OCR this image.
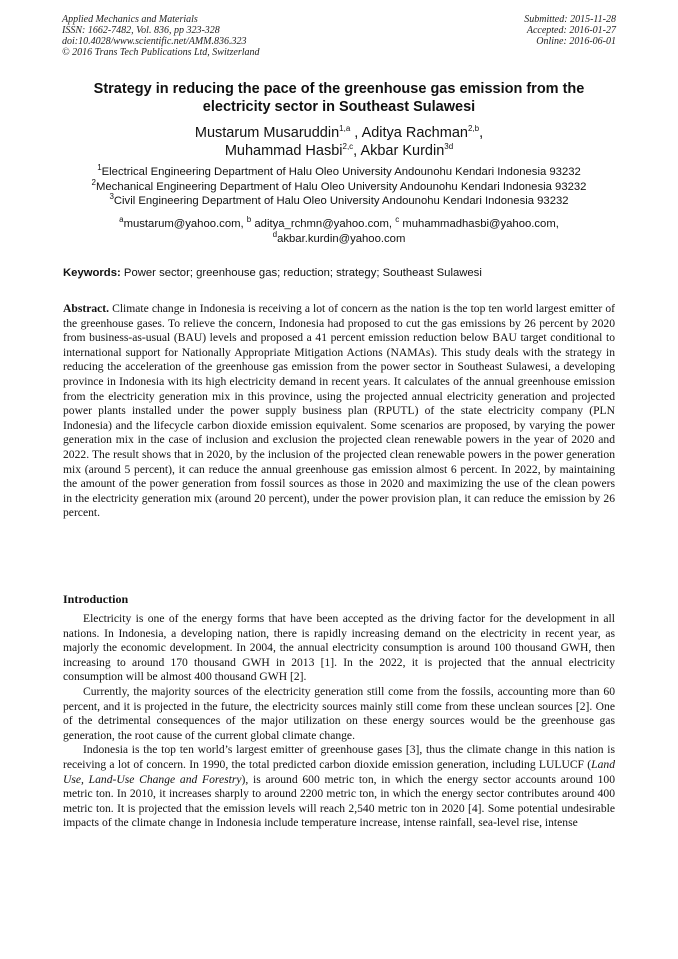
Applied Mechanics and Materials
ISSN: 1662-7482, Vol. 836, pp 323-328
doi:10.4028/www.scientific.net/AMM.836.323
© 2016 Trans Tech Publications Ltd, Switzerland
Submitted: 2015-11-28
Accepted: 2016-01-27
Online: 2016-06-01
Strategy in reducing the pace of the greenhouse gas emission from the
electricity sector in Southeast Sulawesi
Mustarum Musaruddin$^{1,a}$ , Aditya Rachman$^{2,b}$,
Muhammad Hasbi$^{2,c}$, Akbar Kurdin$^{3d}$
$^1$Electrical Engineering Department of Halu Oleo University Andounohu Kendari Indonesia 93232
$^2$Mechanical Engineering Department of Halu Oleo University Andounohu Kendari Indonesia 93232
$^3$Civil Engineering Department of Halu Oleo University Andounohu Kendari Indonesia 93232
$^a$mustarum@yahoo.com, $^b$ aditya_rchmn@yahoo.com, $^c$ muhammadhasbi@yahoo.com,
$^d$akbar.kurdin@yahoo.com
Keywords: Power sector; greenhouse gas; reduction; strategy; Southeast Sulawesi
Abstract. Climate change in Indonesia is receiving a lot of concern as the nation is the top ten world largest emitter of the greenhouse gases. To relieve the concern, Indonesia had proposed to cut the gas emissions by 26 percent by 2020 from business-as-usual (BAU) levels and proposed a 41 percent emission reduction below BAU target conditional to international support for Nationally Appropriate Mitigation Actions (NAMAs). This study deals with the strategy in reducing the acceleration of the greenhouse gas emission from the power sector in Southeast Sulawesi, a developing province in Indonesia with its high electricity demand in recent years. It calculates of the annual greenhouse emission from the electricity generation mix in this province, using the projected annual electricity generation and projected power plants installed under the power supply business plan (RPUTL) of the state electricity company (PLN Indonesia) and the lifecycle carbon dioxide emission equivalent. Some scenarios are proposed, by varying the power generation mix in the case of inclusion and exclusion the projected clean renewable powers in the year of 2020 and 2022. The result shows that in 2020, by the inclusion of the projected clean renewable powers in the power generation mix (around 5 percent), it can reduce the annual greenhouse gas emission almost 6 percent. In 2022, by maintaining the amount of the power generation from fossil sources as those in 2020 and maximizing the use of the clean powers in the electricity generation mix (around 20 percent), under the power provision plan, it can reduce the emission by 26 percent.
Introduction

Electricity is one of the energy forms that have been accepted as the driving factor for the development in all nations. In Indonesia, a developing nation, there is rapidly increasing demand on the electricity in recent year, as majorly the economic development. In 2004, the annual electricity consumption is around 100 thousand GWH, then increasing to around 170 thousand GWH in 2013 [1]. In the 2022, it is projected that the annual electricity consumption will be almost 400 thousand GWH [2].

Currently, the majority sources of the electricity generation still come from the fossils, accounting more than 60 percent, and it is projected in the future, the electricity sources mainly still come from these unclean sources [2]. One of the detrimental consequences of the major utilization on these energy sources would be the greenhouse gas generation, the root cause of the current global climate change.

Indonesia is the top ten world’s largest emitter of greenhouse gases [3], thus the climate change in this nation is receiving a lot of concern. In 1990, the total predicted carbon dioxide emission generation, including LULUCF (Land Use, Land-Use Change and Forestry), is around 600 metric ton, in which the energy sector accounts around 100 metric ton. In 2010, it increases sharply to around 2200 metric ton, in which the energy sector contributes around 400 metric ton. It is projected that the emission levels will reach 2,540 metric ton in 2020 [4]. Some potential undesirable impacts of the climate change in Indonesia include temperature increase, intense rainfall, sea-level rise, intense
